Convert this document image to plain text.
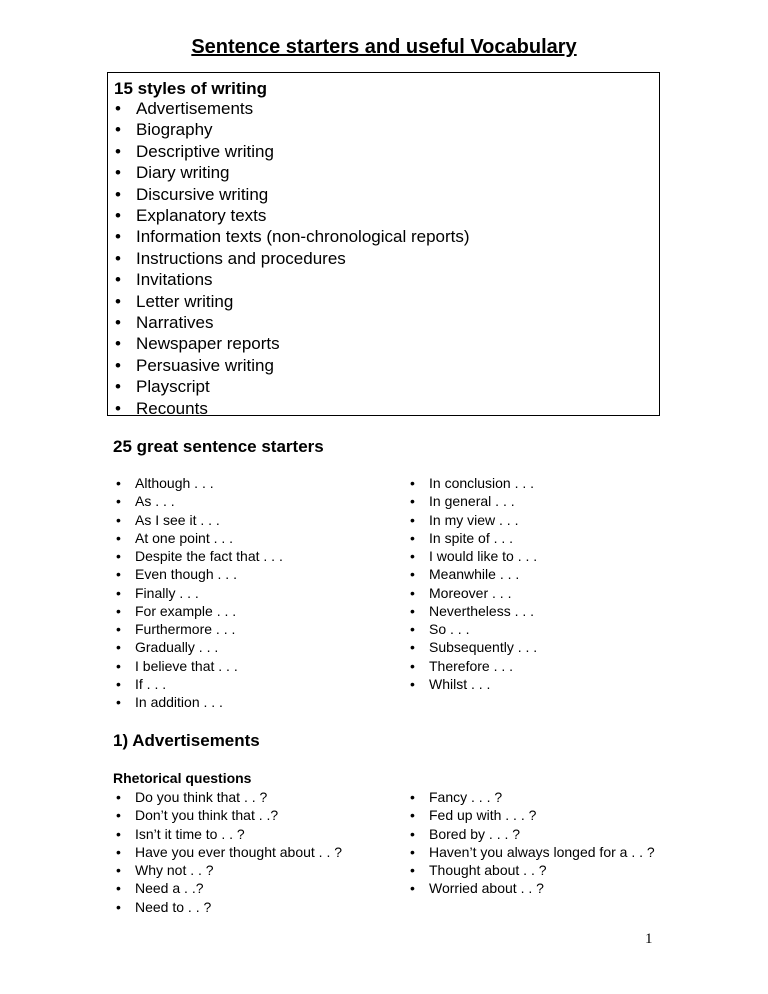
Sentence starters and useful Vocabulary
15 styles of writing
• Advertisements
• Biography
• Descriptive writing
• Diary writing
• Discursive writing
• Explanatory texts
• Information texts (non-chronological reports)
• Instructions and procedures
• Invitations
• Letter writing
• Narratives
• Newspaper reports
• Persuasive writing
• Playscript
• Recounts
25 great sentence starters
• Although . . .
• As . . .
• As I see it . . .
• At one point . . .
• Despite the fact that . . .
• Even though . . .
• Finally . . .
• For example . . .
• Furthermore . . .
• Gradually . . .
• I believe that . . .
• If . . .
• In addition . . .
• In conclusion . . .
• In general . . .
• In my view . . .
• In spite of . . .
• I would like to . . .
• Meanwhile . . .
• Moreover . . .
• Nevertheless . . .
• So . . .
• Subsequently . . .
• Therefore . . .
• Whilst . . .
1) Advertisements
Rhetorical questions
• Do you think that . . ?
• Don’t you think that . .?
• Isn’t it time to . . ?
• Have you ever thought about . . ?
• Why not . . ?
• Need a . .?
• Need to . . ?
• Fancy . . . ?
• Fed up with . . . ?
• Bored by . . . ?
• Haven’t you always longed for a . . ?
• Thought about . . ?
• Worried about . . ?
1
